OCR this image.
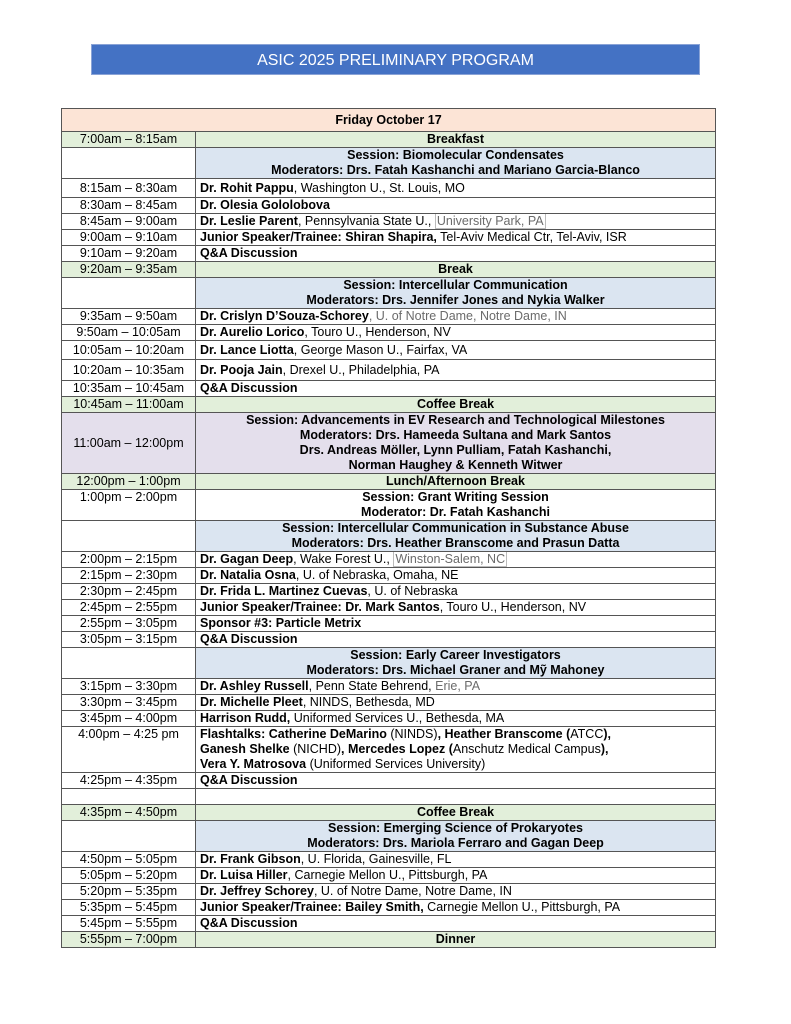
ASIC 2025 PRELIMINARY PROGRAM
Friday October 17	
7:00am – 8:15am	Breakfast

	Session: Biomolecular Condensates
Moderators: Drs. Fatah Kashanchi and Mariano Garcia-Blanco

8:15am – 8:30am	Dr. Rohit Pappu, Washington U., St. Louis, MO
8:30am – 8:45am	Dr. Olesia Gololobova
8:45am – 9:00am	Dr. Leslie Parent, Pennsylvania State U., University Park, PA
9:00am – 9:10am	Junior Speaker/Trainee: Shiran Shapira, Tel-Aviv Medical Ctr, Tel-Aviv, ISR
9:10am – 9:20am	Q&A Discussion
9:20am – 9:35am	Break

	Session: Intercellular Communication
Moderators: Drs. Jennifer Jones and Nykia Walker

9:35am – 9:50am	Dr. Crislyn D’Souza-Schorey, U. of Notre Dame, Notre Dame, IN
9:50am – 10:05am	Dr. Aurelio Lorico, Touro U., Henderson, NV
10:05am – 10:20am	Dr. Lance Liotta, George Mason U., Fairfax, VA
10:20am – 10:35am	Dr. Pooja Jain, Drexel U., Philadelphia, PA
10:35am – 10:45am	Q&A Discussion
10:45am – 11:00am	Coffee Break
11:00am – 12:00pm	Session: Advancements in EV Research and Technological Milestones
Moderators: Drs. Hameeda Sultana and Mark Santos
Drs. Andreas Möller, Lynn Pulliam, Fatah Kashanchi,
Norman Haughey & Kenneth Witwer

12:00pm – 1:00pm	Lunch/Afternoon Break
1:00pm – 2:00pm	Session: Grant Writing Session
Moderator: Dr. Fatah Kashanchi

	Session: Intercellular Communication in Substance Abuse
Moderators: Drs. Heather Branscome and Prasun Datta

2:00pm – 2:15pm	Dr. Gagan Deep, Wake Forest U., Winston-Salem, NC
2:15pm – 2:30pm	Dr. Natalia Osna, U. of Nebraska, Omaha, NE
2:30pm – 2:45pm	Dr. Frida L. Martinez Cuevas, U. of Nebraska
2:45pm – 2:55pm	Junior Speaker/Trainee: Dr. Mark Santos, Touro U., Henderson, NV
2:55pm – 3:05pm	Sponsor #3: Particle Metrix
3:05pm – 3:15pm	Q&A Discussion

	Session: Early Career Investigators
Moderators: Drs. Michael Graner and Mỹ Mahoney

3:15pm – 3:30pm	Dr. Ashley Russell, Penn State Behrend, Erie, PA
3:30pm – 3:45pm	Dr. Michelle Pleet, NINDS, Bethesda, MD
3:45pm – 4:00pm	Harrison Rudd, Uniformed Services U., Bethesda, MA
4:00pm – 4:25 pm	Flashtalks: Catherine DeMarino (NINDS), Heather Branscome (ATCC),
Ganesh Shelke (NICHD), Mercedes Lopez (Anschutz Medical Campus),
Vera Y. Matrosova (Uniformed Services University)

4:25pm – 4:35pm	Q&A Discussion

4:35pm – 4:50pm	Coffee Break

	Session: Emerging Science of Prokaryotes
Moderators: Drs. Mariola Ferraro and Gagan Deep

4:50pm – 5:05pm	Dr. Frank Gibson, U. Florida, Gainesville, FL
5:05pm – 5:20pm	Dr. Luisa Hiller, Carnegie Mellon U., Pittsburgh, PA
5:20pm – 5:35pm	Dr. Jeffrey Schorey, U. of Notre Dame, Notre Dame, IN
5:35pm – 5:45pm	Junior Speaker/Trainee: Bailey Smith, Carnegie Mellon U., Pittsburgh, PA
5:45pm – 5:55pm	Q&A Discussion
5:55pm – 7:00pm	Dinner
